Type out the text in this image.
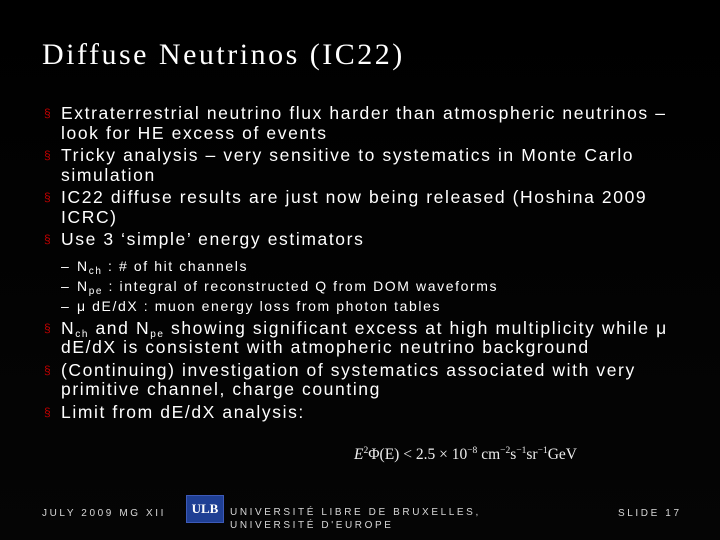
Diffuse Neutrinos (IC22)
§ Extraterrestrial neutrino flux harder than atmospheric neutrinos – look for HE excess of events
§ Tricky analysis – very sensitive to systematics in Monte Carlo simulation
§ IC22 diffuse results are just now being released (Hoshina 2009 ICRC)
§ Use 3 ‘simple’ energy estimators
– $N_{ch}$ : # of hit channels
– $N_{pe}$ : integral of reconstructed Q from DOM waveforms
– μ dE/dX : muon energy loss from photon tables
§ $N_{ch}$ and $N_{pe}$ showing significant excess at high multiplicity while μ dE/dX is consistent with atmopheric neutrino background
§ (Continuing) investigation of systematics associated with very primitive channel, charge counting
§ Limit from dE/dX analysis:
$E^2\Phi(E) < 2.5 \times 10^{-8}$ $cm^{-2}s^{-1}sr^{-1}GeV$
JULY 2009 MG XII	ULB	UNIVERSITÉ LIBRE DE BRUXELLES, UNIVERSITÉ D'EUROPE
SLIDE 17
